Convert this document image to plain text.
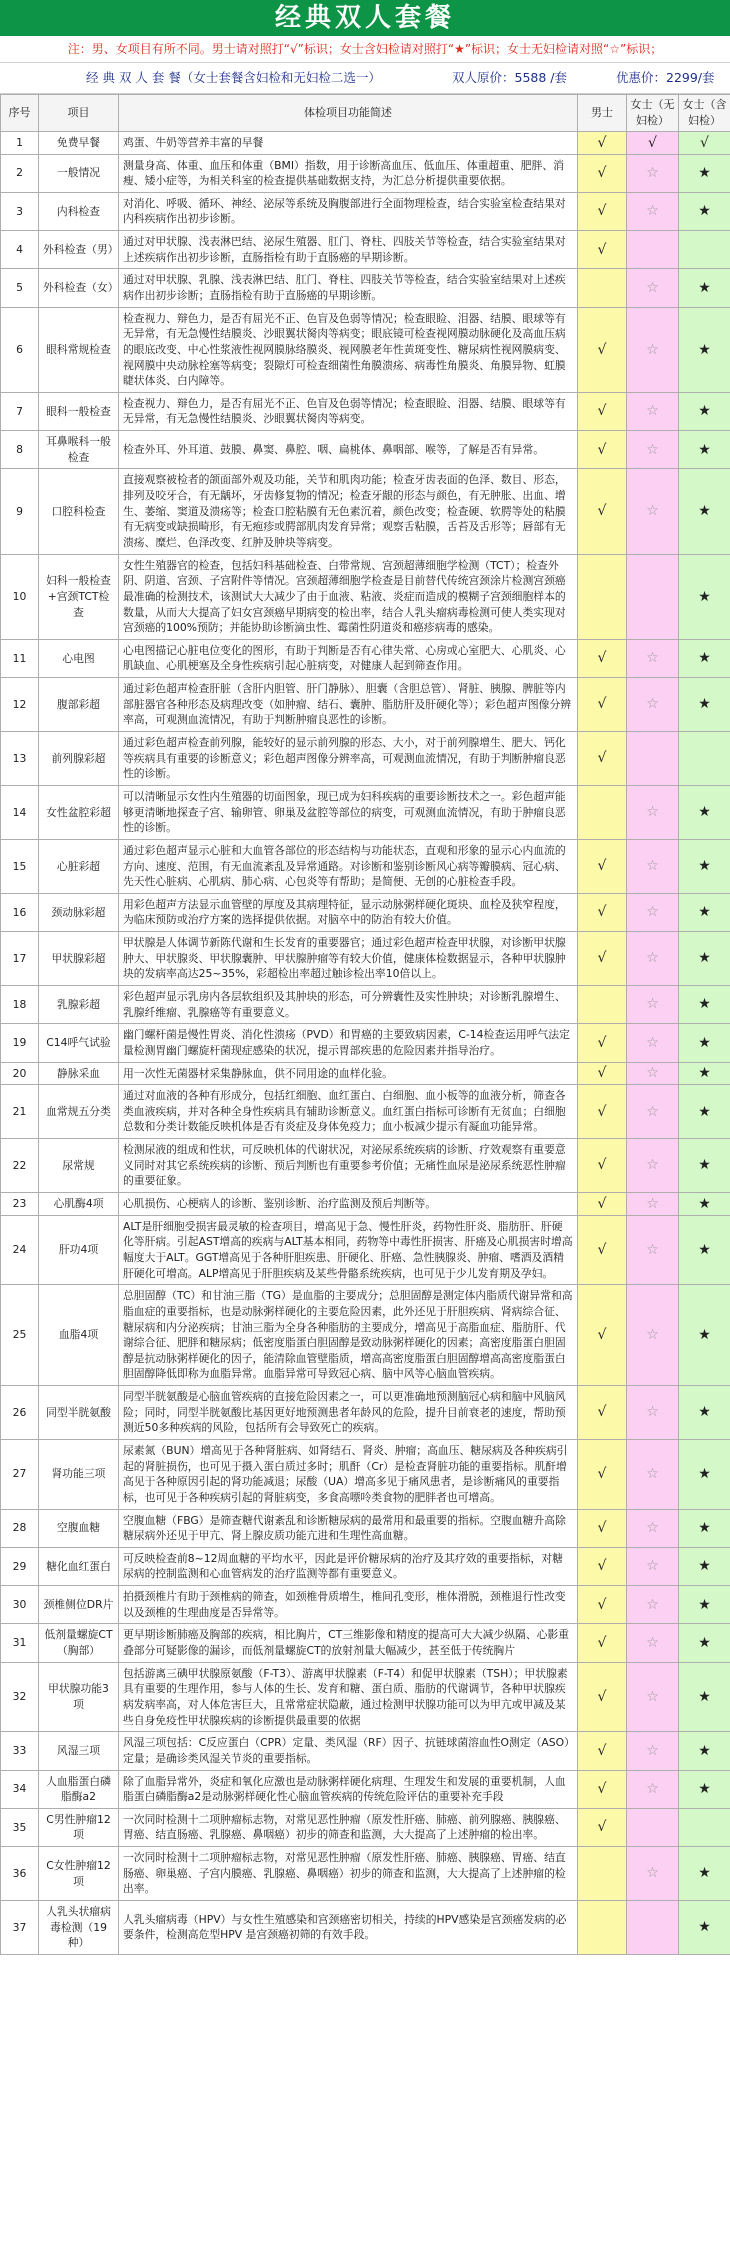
经典双人套餐
注：男、女项目有所不同。男士请对照打“√”标识；女士含妇检请对照打“★”标识；女士无妇检请对照“☆”标识；
经 典 双 人 套 餐（女士套餐含妇检和无妇检二选一）	双人原价：5588 /套	优惠价：2299/套
序号	项目	体检项目功能简述	男士	女士（无妇检）	女士（含妇检）
1	免费早餐	鸡蛋、牛奶等营养丰富的早餐	√	√	√
2	一般情况	测量身高、体重、血压和体重（BMI）指数，用于诊断高血压、低血压、体重超重、肥胖、消瘦、矮小症等，为相关科室的检查提供基础数据支持，为汇总分析提供重要依据。	√	☆	★
3	内科检查	对消化、呼吸、循环、神经、泌尿等系统及胸腹部进行全面物理检查，结合实验室检查结果对内科疾病作出初步诊断。	√	☆	★
4	外科检查（男）	通过对甲状腺、浅表淋巴结、泌尿生殖器、肛门、脊柱、四肢关节等检查，结合实验室结果对上述疾病作出初步诊断，直肠指检有助于直肠癌的早期诊断。	√		
5	外科检查（女）	通过对甲状腺、乳腺、浅表淋巴结、肛门、脊柱、四肢关节等检查，结合实验室结果对上述疾病作出初步诊断；直肠指检有助于直肠癌的早期诊断。		☆	★
6	眼科常规检查	检查视力、辩色力，是否有屈光不正、色盲及色弱等情况；检查眼睑、泪器、结膜、眼球等有无异常，有无急慢性结膜炎、沙眼翼状胬肉等病变；眼底镜可检查视网膜动脉硬化及高血压病的眼底改变、中心性浆液性视网膜脉络膜炎、视网膜老年性黄斑变性、糖尿病性视网膜病变、视网膜中央动脉栓塞等病变；裂隙灯可检查细菌性角膜溃疡、病毒性角膜炎、角膜异物、虹膜睫状体炎、白内障等。	√	☆	★
7	眼科一般检查	检查视力、辩色力，是否有屈光不正、色盲及色弱等情况；检查眼睑、泪器、结膜、眼球等有无异常，有无急慢性结膜炎、沙眼翼状胬肉等病变。	√	☆	★
8	耳鼻喉科一般检查	检查外耳、外耳道、鼓膜、鼻窦、鼻腔、咽、扁桃体、鼻咽部、喉等，了解是否有异常。	√	☆	★
9	口腔科检查	直接观察被检者的颌面部外观及功能，关节和肌肉功能；检查牙齿表面的色泽、数目、形态，排列及咬牙合，有无龋坏，牙齿修复物的情况；检查牙龈的形态与颜色，有无肿胀、出血、增生、萎缩、窦道及溃疡等；检查口腔粘膜有无色素沉着，颜色改变；检查硬、软腭等处的粘膜有无病变或缺损畸形，有无疱疹或腭部肌肉发育异常；观察舌粘膜，舌苔及舌形等；唇部有无溃疡、糜烂、色泽改变、红肿及肿块等病变。	√	☆	★
10	妇科一般检查+宫颈TCT检查	女性生殖器官的检查，包括妇科基础检查、白带常规、宫颈超薄细胞学检测（TCT）；检查外阴、阴道、宫颈、子宫附件等情况。宫颈超薄细胞学检查是目前替代传统宫颈涂片检测宫颈癌最准确的检测技术，该测试大大减少了由于血液、粘液、炎症而造成的模糊子宫颈细胞样本的数量，从而大大提高了妇女宫颈癌早期病变的检出率，结合人乳头瘤病毒检测可使人类实现对宫颈癌的100%预防；并能协助诊断滴虫性、霉菌性阴道炎和癌疹病毒的感染。			★
11	心电图	心电图描记心脏电位变化的图形，有助于判断是否有心律失常、心房或心室肥大、心肌炎、心肌缺血、心肌梗塞及全身性疾病引起心脏病变，对健康人起到筛查作用。	√	☆	★
12	腹部彩超	通过彩色超声检查肝脏（含肝内胆管、肝门静脉）、胆囊（含胆总管）、肾脏、胰腺、脾脏等内部脏器官各种形态及病理改变（如肿瘤、结石、囊肿、脂肪肝及肝硬化等）；彩色超声图像分辨率高，可观测血流情况，有助于判断肿瘤良恶性的诊断。	√	☆	★
13	前列腺彩超	通过彩色超声检查前列腺，能较好的显示前列腺的形态、大小，对于前列腺增生、肥大、钙化等疾病具有重要的诊断意义；彩色超声图像分辨率高，可观测血流情况，有助于判断肿瘤良恶性的诊断。	√		
14	女性盆腔彩超	可以清晰显示女性内生殖器的切面图象，现已成为妇科疾病的重要诊断技术之一。彩色超声能够更清晰地探查子宫、输卵管、卵巢及盆腔等部位的病变，可观测血流情况，有助于肿瘤良恶性的诊断。		☆	★
15	心脏彩超	通过彩色超声显示心脏和大血管各部位的形态结构与功能状态，直观和形象的显示心内血流的方向、速度、范围，有无血流紊乱及异常通路。对诊断和鉴别诊断风心病等瓣膜病、冠心病、先天性心脏病、心肌病、肺心病、心包炎等有帮助；是简便、无创的心脏检查手段。	√	☆	★
16	颈动脉彩超	用彩色超声方法显示血管壁的厚度及其病理特征，显示动脉粥样硬化斑块、血栓及狭窄程度，为临床预防或治疗方案的选择提供依据。对脑卒中的防治有较大价值。	√	☆	★
17	甲状腺彩超	甲状腺是人体调节新陈代谢和生长发育的重要器官；通过彩色超声检查甲状腺，对诊断甲状腺肿大、甲状腺炎、甲状腺囊肿、甲状腺肿瘤等有较大价值，健康体检数据显示，各种甲状腺肿块的发病率高达25~35%，彩超检出率超过触诊检出率10倍以上。	√	☆	★
18	乳腺彩超	彩色超声显示乳房内各层软组织及其肿块的形态，可分辨囊性及实性肿块；对诊断乳腺增生、乳腺纤维瘤、乳腺癌等有重要意义。		☆	★
19	C14呼气试验	幽门螺杆菌是慢性胃炎、消化性溃疡（PVD）和胃癌的主要致病因素，C-14检查运用呼气法定量检测胃幽门螺旋杆菌现症感染的状况，提示胃部疾患的危险因素并指导治疗。	√	☆	★
20	静脉采血	用一次性无菌器材采集静脉血，供不同用途的血样化验。	√	☆	★
21	血常规五分类	通过对血液的各种有形成分，包括红细胞、血红蛋白、白细胞、血小板等的血液分析，筛查各类血液疾病，并对各种全身性疾病具有辅助诊断意义。血红蛋白指标可诊断有无贫血；白细胞总数和分类计数能反映机体是否有炎症及身体免疫力；血小板减少提示有凝血功能异常。	√	☆	★
22	尿常规	检测尿液的组成和性状，可反映机体的代谢状况，对泌尿系统疾病的诊断、疗效观察有重要意义同时对其它系统疾病的诊断、预后判断也有重要参考价值；无痛性血尿是泌尿系统恶性肿瘤的重要征象。	√	☆	★
23	心肌酶4项	心肌损伤、心梗病人的诊断、鉴别诊断、治疗监测及预后判断等。	√	☆	★
24	肝功4项	ALT是肝细胞受损害最灵敏的检查项目，增高见于急、慢性肝炎，药物性肝炎、脂肪肝、肝硬化等肝病。引起AST增高的疾病与ALT基本相同，药物等中毒性肝损害、肝癌及心肌损害时增高幅度大于ALT。GGT增高见于各种肝胆疾患、肝硬化、肝癌、急性胰腺炎、肿瘤、嗜酒及酒精肝硬化可增高。ALP增高见于肝胆疾病及某些骨骼系统疾病，也可见于少儿发育期及孕妇。	√	☆	★
25	血脂4项	总胆固醇（TC）和甘油三脂（TG）是血脂的主要成分；总胆固醇是测定体内脂质代谢异常和高脂血症的重要指标，也是动脉粥样硬化的主要危险因素，此外还见于肝胆疾病、肾病综合征、糖尿病和内分泌疾病；甘油三脂为全身各种脂肪的主要成分，增高见于高脂血症、脂肪肝、代谢综合征、肥胖和糖尿病；低密度脂蛋白胆固醇是致动脉粥样硬化的因素；高密度脂蛋白胆固醇是抗动脉粥样硬化的因子，能清除血管壁脂质，增高高密度脂蛋白胆固醇增高高密度脂蛋白胆固醇降低即称为血脂异常。血脂异常可导致冠心病、脑中风等心脑血管疾病。	√	☆	★
26	同型半胱氨酸	同型半胱氨酸是心脑血管疾病的直接危险因素之一，可以更准确地预测脑冠心病和脑中风脑风险；同时，同型半胱氨酸比基因更好地预测患者年龄风的危险，提升目前衰老的速度，帮助预测近50多种疾病的风险，包括所有会导致死亡的疾病。	√	☆	★
27	肾功能三项	尿素氮（BUN）增高见于各种肾脏病、如肾结石、肾炎、肿瘤；高血压、糖尿病及各种疾病引起的肾脏损伤，也可见于摄入蛋白质过多时；肌酐（Cr）是检查肾脏功能的重要指标。肌酐增高见于各种原因引起的肾功能减退；尿酸（UA）增高多见于痛风患者，是诊断痛风的重要指标，也可见于各种疾病引起的肾脏病变，多食高嘌呤类食物的肥胖者也可增高。	√	☆	★
28	空腹血糖	空腹血糖（FBG）是筛查糖代谢紊乱和诊断糖尿病的最常用和最重要的指标。空腹血糖升高除糖尿病外还见于甲亢、肾上腺皮质功能亢进和生理性高血糖。	√	☆	★
29	糖化血红蛋白	可反映检查前8~12周血糖的平均水平，因此是评价糖尿病的治疗及其疗效的重要指标，对糖尿病的控制监测和心血管病发的治疗监测等都有重要意义。	√	☆	★
30	颈椎侧位DR片	拍摄颈椎片有助于颈椎病的筛查，如颈椎骨质增生，椎间孔变形，椎体滑脱，颈椎退行性改变以及颈椎的生理曲度是否异常等。	√	☆	★
31	低剂量螺旋CT（胸部）	更早期诊断肺癌及胸部的疾病，相比胸片，CT三维影像和精度的提高可大大减少纵隔、心影重叠部分可疑影像的漏诊，而低剂量螺旋CT的放射剂量大幅减少，甚至低于传统胸片	√	☆	★
32	甲状腺功能3项	包括游离三碘甲状腺原氨酸（F-T3）、游离甲状腺素（F-T4）和促甲状腺素（TSH）；甲状腺素具有重要的生理作用，参与人体的生长、发育和糖、蛋白质、脂肪的代谢调节，各种甲状腺疾病发病率高，对人体危害巨大，且常常症状隐蔽，通过检测甲状腺功能可以为甲亢或甲减及某些自身免疫性甲状腺疾病的诊断提供最重要的依据	√	☆	★
33	风湿三项	风湿三项包括：C反应蛋白（CPR）定量、类风湿（RF）因子、抗链球菌溶血性O测定（ASO）定量；是确诊类风湿关节炎的重要指标。	√	☆	★
34	人血脂蛋白磷脂酶a2	除了血脂异常外，炎症和氧化应激也是动脉粥样硬化病理、生理发生和发展的重要机制，人血脂蛋白磷脂酶a2是动脉粥样硬化性心脑血管疾病的传统危险评估的重要补充手段	√	☆	★
35	C男性肿瘤12项	一次同时检测十二项肿瘤标志物，对常见恶性肿瘤（原发性肝癌、肺癌、前列腺癌、胰腺癌、胃癌、结直肠癌、乳腺癌、鼻咽癌）初步的筛查和监测，大大提高了上述肿瘤的检出率。	√		
36	C女性肿瘤12项	一次同时检测十二项肿瘤标志物，对常见恶性肿瘤（原发性肝癌、肺癌、胰腺癌、胃癌、结直肠癌、卵巢癌、子宫内膜癌、乳腺癌、鼻咽癌）初步的筛查和监测，大大提高了上述肿瘤的检出率。		☆	★
37	人乳头状瘤病毒检测（19种）	人乳头瘤病毒（HPV）与女性生殖感染和宫颈癌密切相关，持续的HPV感染是宫颈癌发病的必要条件，检测高危型HPV 是宫颈癌初筛的有效手段。			★
